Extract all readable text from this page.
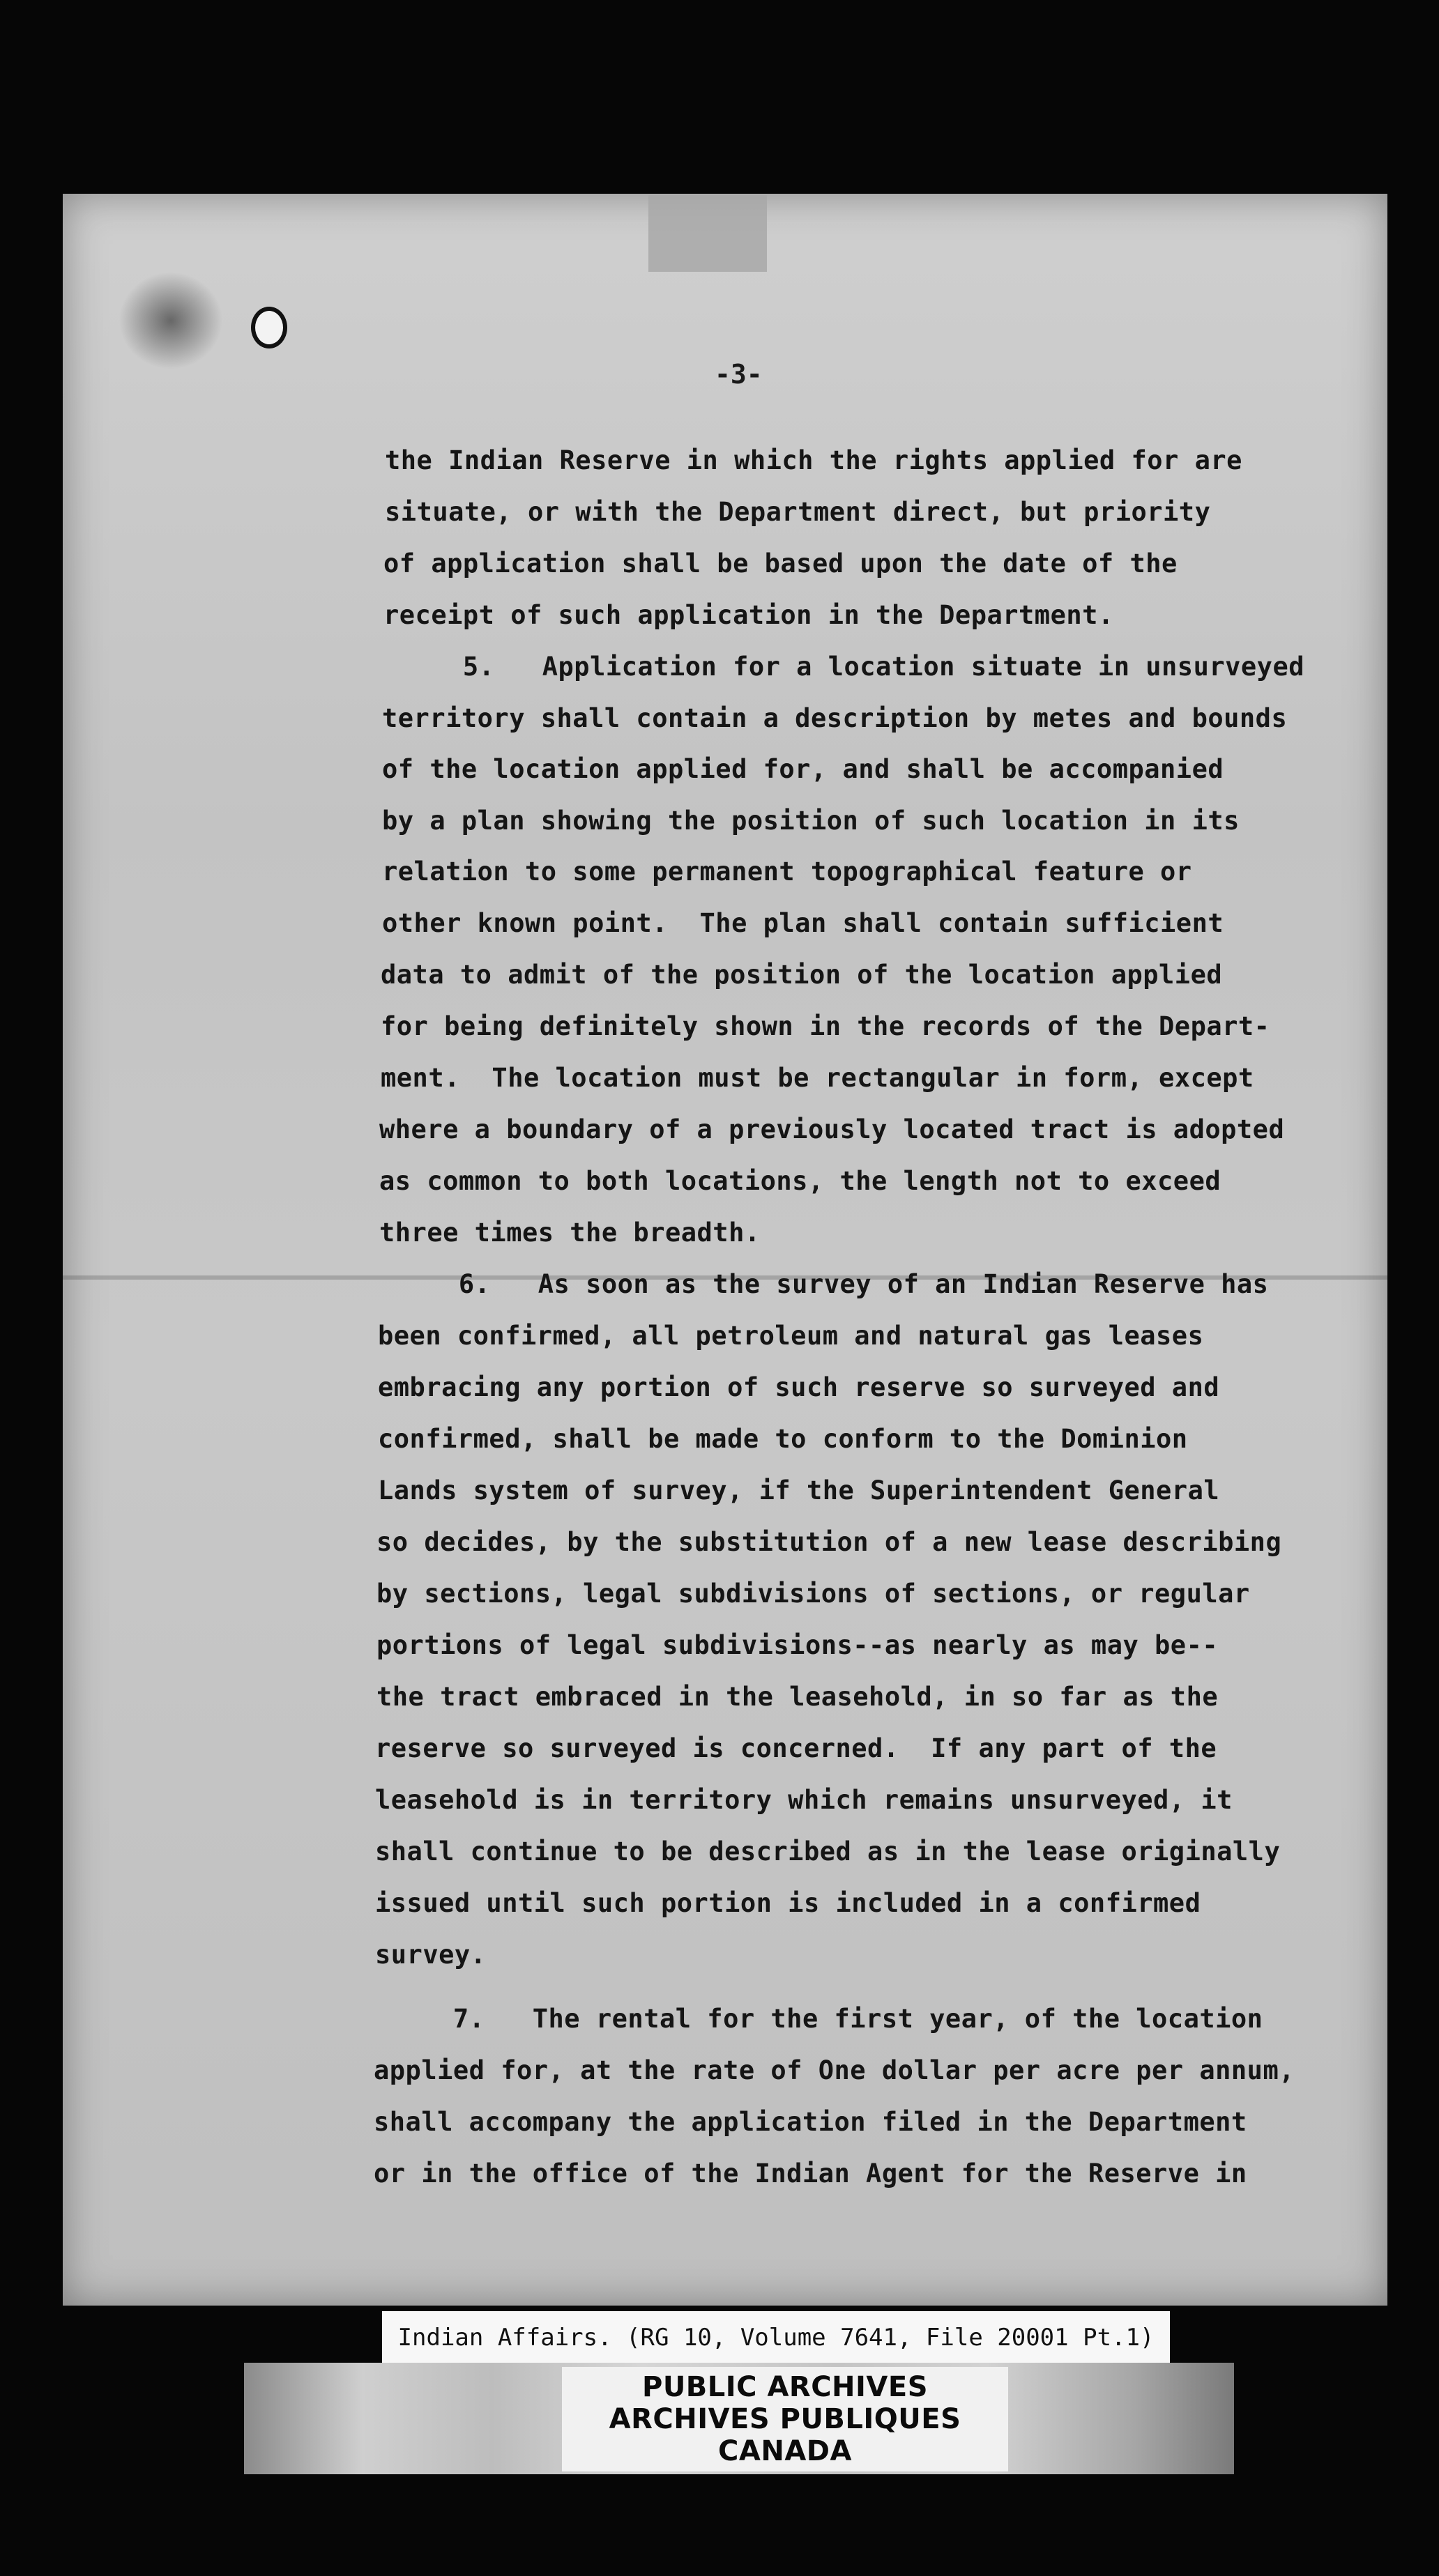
-3-
the Indian Reserve in which the rights applied for are
situate, or with the Department direct, but priority
of application shall be based upon the date of the
receipt of such application in the Department.
5.   Application for a location situate in unsurveyed
territory shall contain a description by metes and bounds
of the location applied for, and shall be accompanied
by a plan showing the position of such location in its
relation to some permanent topographical feature or
other known point.  The plan shall contain sufficient
data to admit of the position of the location applied
for being definitely shown in the records of the Depart-
ment.  The location must be rectangular in form, except
where a boundary of a previously located tract is adopted
as common to both locations, the length not to exceed
three times the breadth.
6.   As soon as the survey of an Indian Reserve has
been confirmed, all petroleum and natural gas leases
embracing any portion of such reserve so surveyed and
confirmed, shall be made to conform to the Dominion
Lands system of survey, if the Superintendent General
so decides, by the substitution of a new lease describing
by sections, legal subdivisions of sections, or regular
portions of legal subdivisions--as nearly as may be--
the tract embraced in the leasehold, in so far as the
reserve so surveyed is concerned.  If any part of the
leasehold is in territory which remains unsurveyed, it
shall continue to be described as in the lease originally
issued until such portion is included in a confirmed
survey.
7.   The rental for the first year, of the location
applied for, at the rate of One dollar per acre per annum,
shall accompany the application filed in the Department
or in the office of the Indian Agent for the Reserve in
Indian Affairs. (RG 10, Volume 7641, File 20001 Pt.1)
PUBLIC ARCHIVES
ARCHIVES PUBLIQUES
CANADA
